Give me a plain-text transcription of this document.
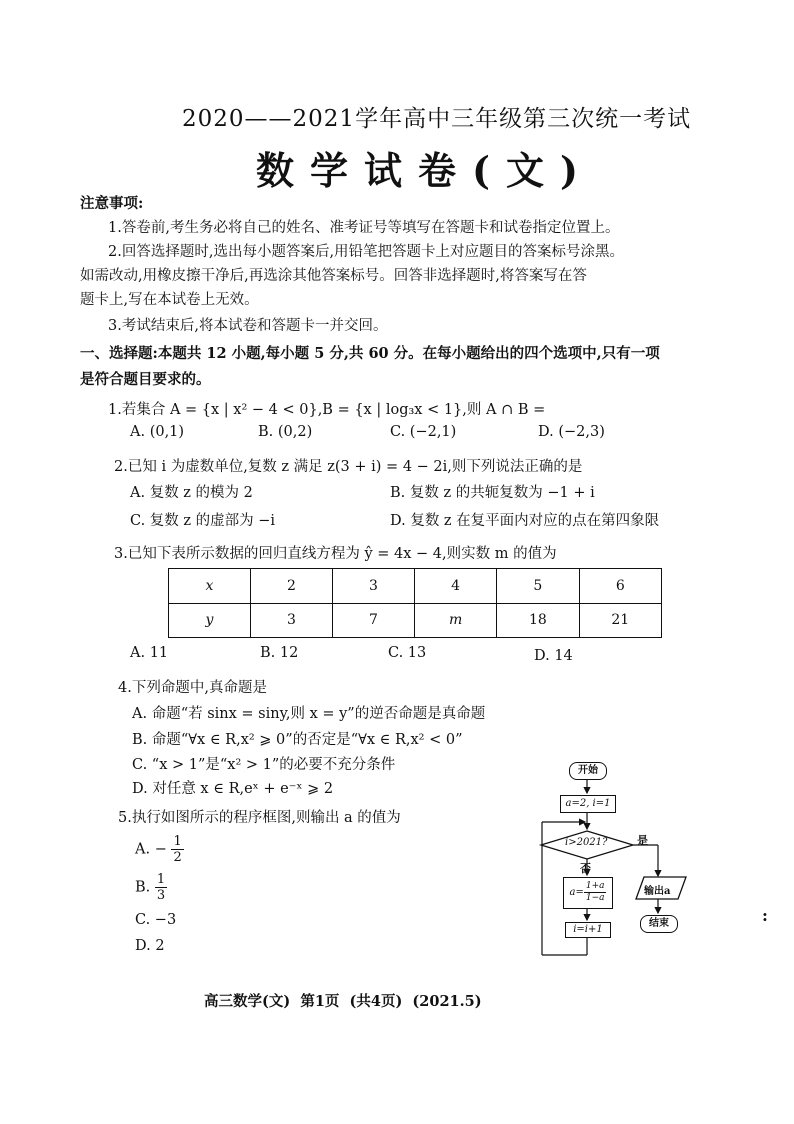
2020——2021学年高中三年级第三次统一考试
数学试卷(文)
注意事项:
1.答卷前,考生务必将自己的姓名、准考证号等填写在答题卡和试卷指定位置上。
2.回答选择题时,选出每小题答案后,用铅笔把答题卡上对应题目的答案标号涂黑。
如需改动,用橡皮擦干净后,再选涂其他答案标号。回答非选择题时,将答案写在答
题卡上,写在本试卷上无效。
3.考试结束后,将本试卷和答题卡一并交回。
一、选择题:本题共 12 小题,每小题 5 分,共 60 分。在每小题给出的四个选项中,只有一项
是符合题目要求的。
1.若集合 A = {x | x² − 4 < 0},B = {x | log₃x < 1},则 A ∩ B =
A. (0,1)	B. (0,2)	C. (−2,1)	D. (−2,3)
2.已知 i 为虚数单位,复数 z 满足 z(3 + i) = 4 − 2i,则下列说法正确的是
A. 复数 z 的模为 2	B. 复数 z 的共轭复数为 −1 + i
C. 复数 z 的虚部为 −i	D. 复数 z 在复平面内对应的点在第四象限
3.已知下表所示数据的回归直线方程为 ŷ = 4x − 4,则实数 m 的值为
x	2	3	4	5	6
y	3	7	m	18	21
A. 11	B. 12	C. 13	D. 14
4.下列命题中,真命题是
A. 命题“若 sinx = siny,则 x = y”的逆否命题是真命题
B. 命题“∀x ∈ R,x² ⩾ 0”的否定是“∀x ∈ R,x² < 0”
C. “x > 1”是“x² > 1”的必要不充分条件
D. 对任意 x ∈ R,eˣ + e⁻ˣ ⩾ 2
5.执行如图所示的程序框图,则输出 a 的值为
A. − $\frac{1}{2}$
B. $\frac{1}{3}$
C. −3
D. 2
开始
a=2, i=1
i>2021?	是
否
$a= \frac{1+a}{1-a}$	输出a
结束
i=i+1
:
高三数学(文)  第1页  (共4页)  (2021.5)
